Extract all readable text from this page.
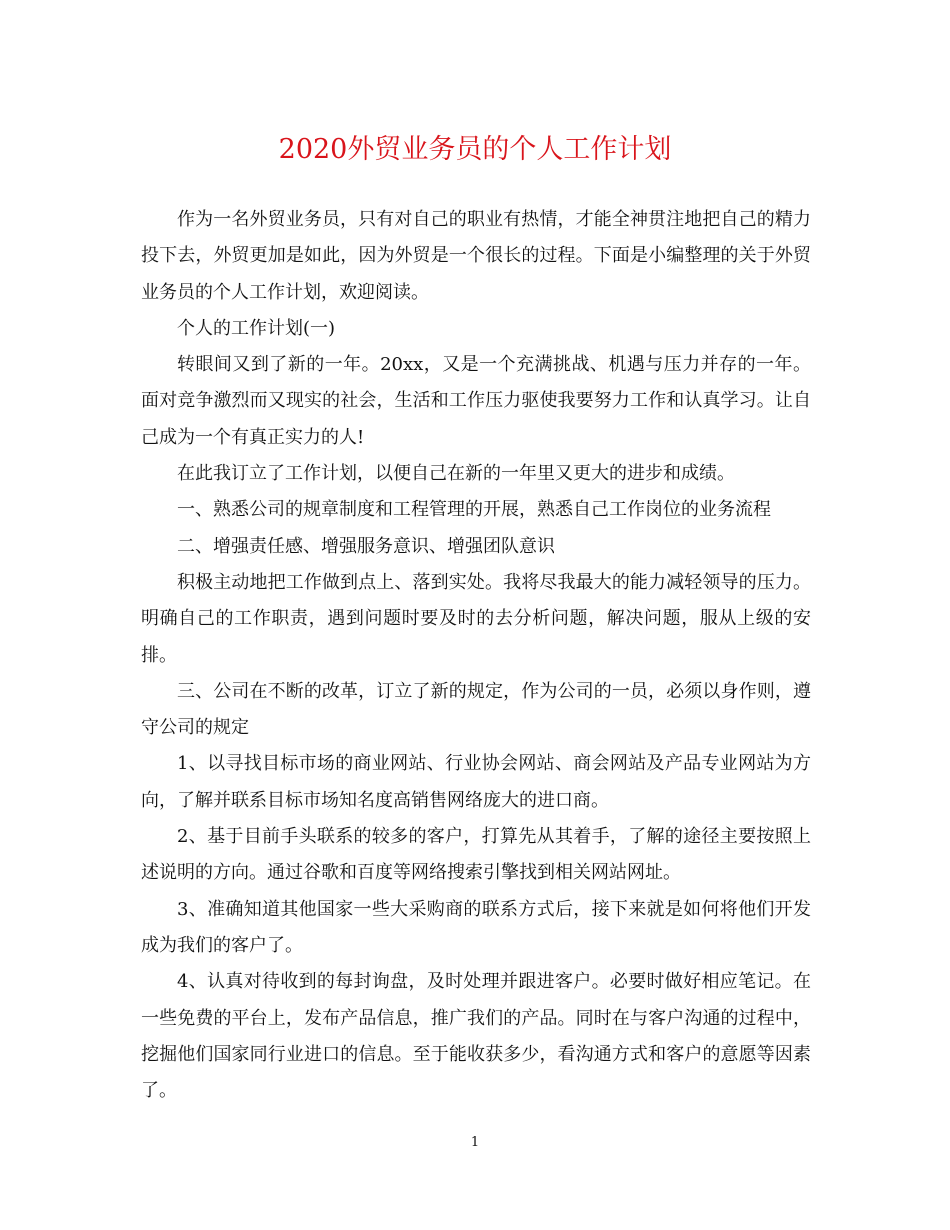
2020外贸业务员的个人工作计划

作为一名外贸业务员，只有对自己的职业有热情，才能全神贯注地把自己的精力投下去，外贸更加是如此，因为外贸是一个很长的过程。下面是小编整理的关于外贸业务员的个人工作计划，欢迎阅读。

个人的工作计划(一)

转眼间又到了新的一年。20xx，又是一个充满挑战、机遇与压力并存的一年。面对竞争激烈而又现实的社会，生活和工作压力驱使我要努力工作和认真学习。让自己成为一个有真正实力的人!

在此我订立了工作计划，以便自己在新的一年里又更大的进步和成绩。

一、熟悉公司的规章制度和工程管理的开展，熟悉自己工作岗位的业务流程

二、增强责任感、增强服务意识、增强团队意识

积极主动地把工作做到点上、落到实处。我将尽我最大的能力减轻领导的压力。明确自己的工作职责，遇到问题时要及时的去分析问题，解决问题，服从上级的安排。

三、公司在不断的改革，订立了新的规定，作为公司的一员，必须以身作则，遵守公司的规定

1、以寻找目标市场的商业网站、行业协会网站、商会网站及产品专业网站为方向，了解并联系目标市场知名度高销售网络庞大的进口商。

2、基于目前手头联系的较多的客户，打算先从其着手，了解的途径主要按照上述说明的方向。通过谷歌和百度等网络搜索引擎找到相关网站网址。

3、准确知道其他国家一些大采购商的联系方式后，接下来就是如何将他们开发成为我们的客户了。

4、认真对待收到的每封询盘，及时处理并跟进客户。必要时做好相应笔记。在一些免费的平台上，发布产品信息，推广我们的产品。同时在与客户沟通的过程中，挖掘他们国家同行业进口的信息。至于能收获多少，看沟通方式和客户的意愿等因素了。

1
